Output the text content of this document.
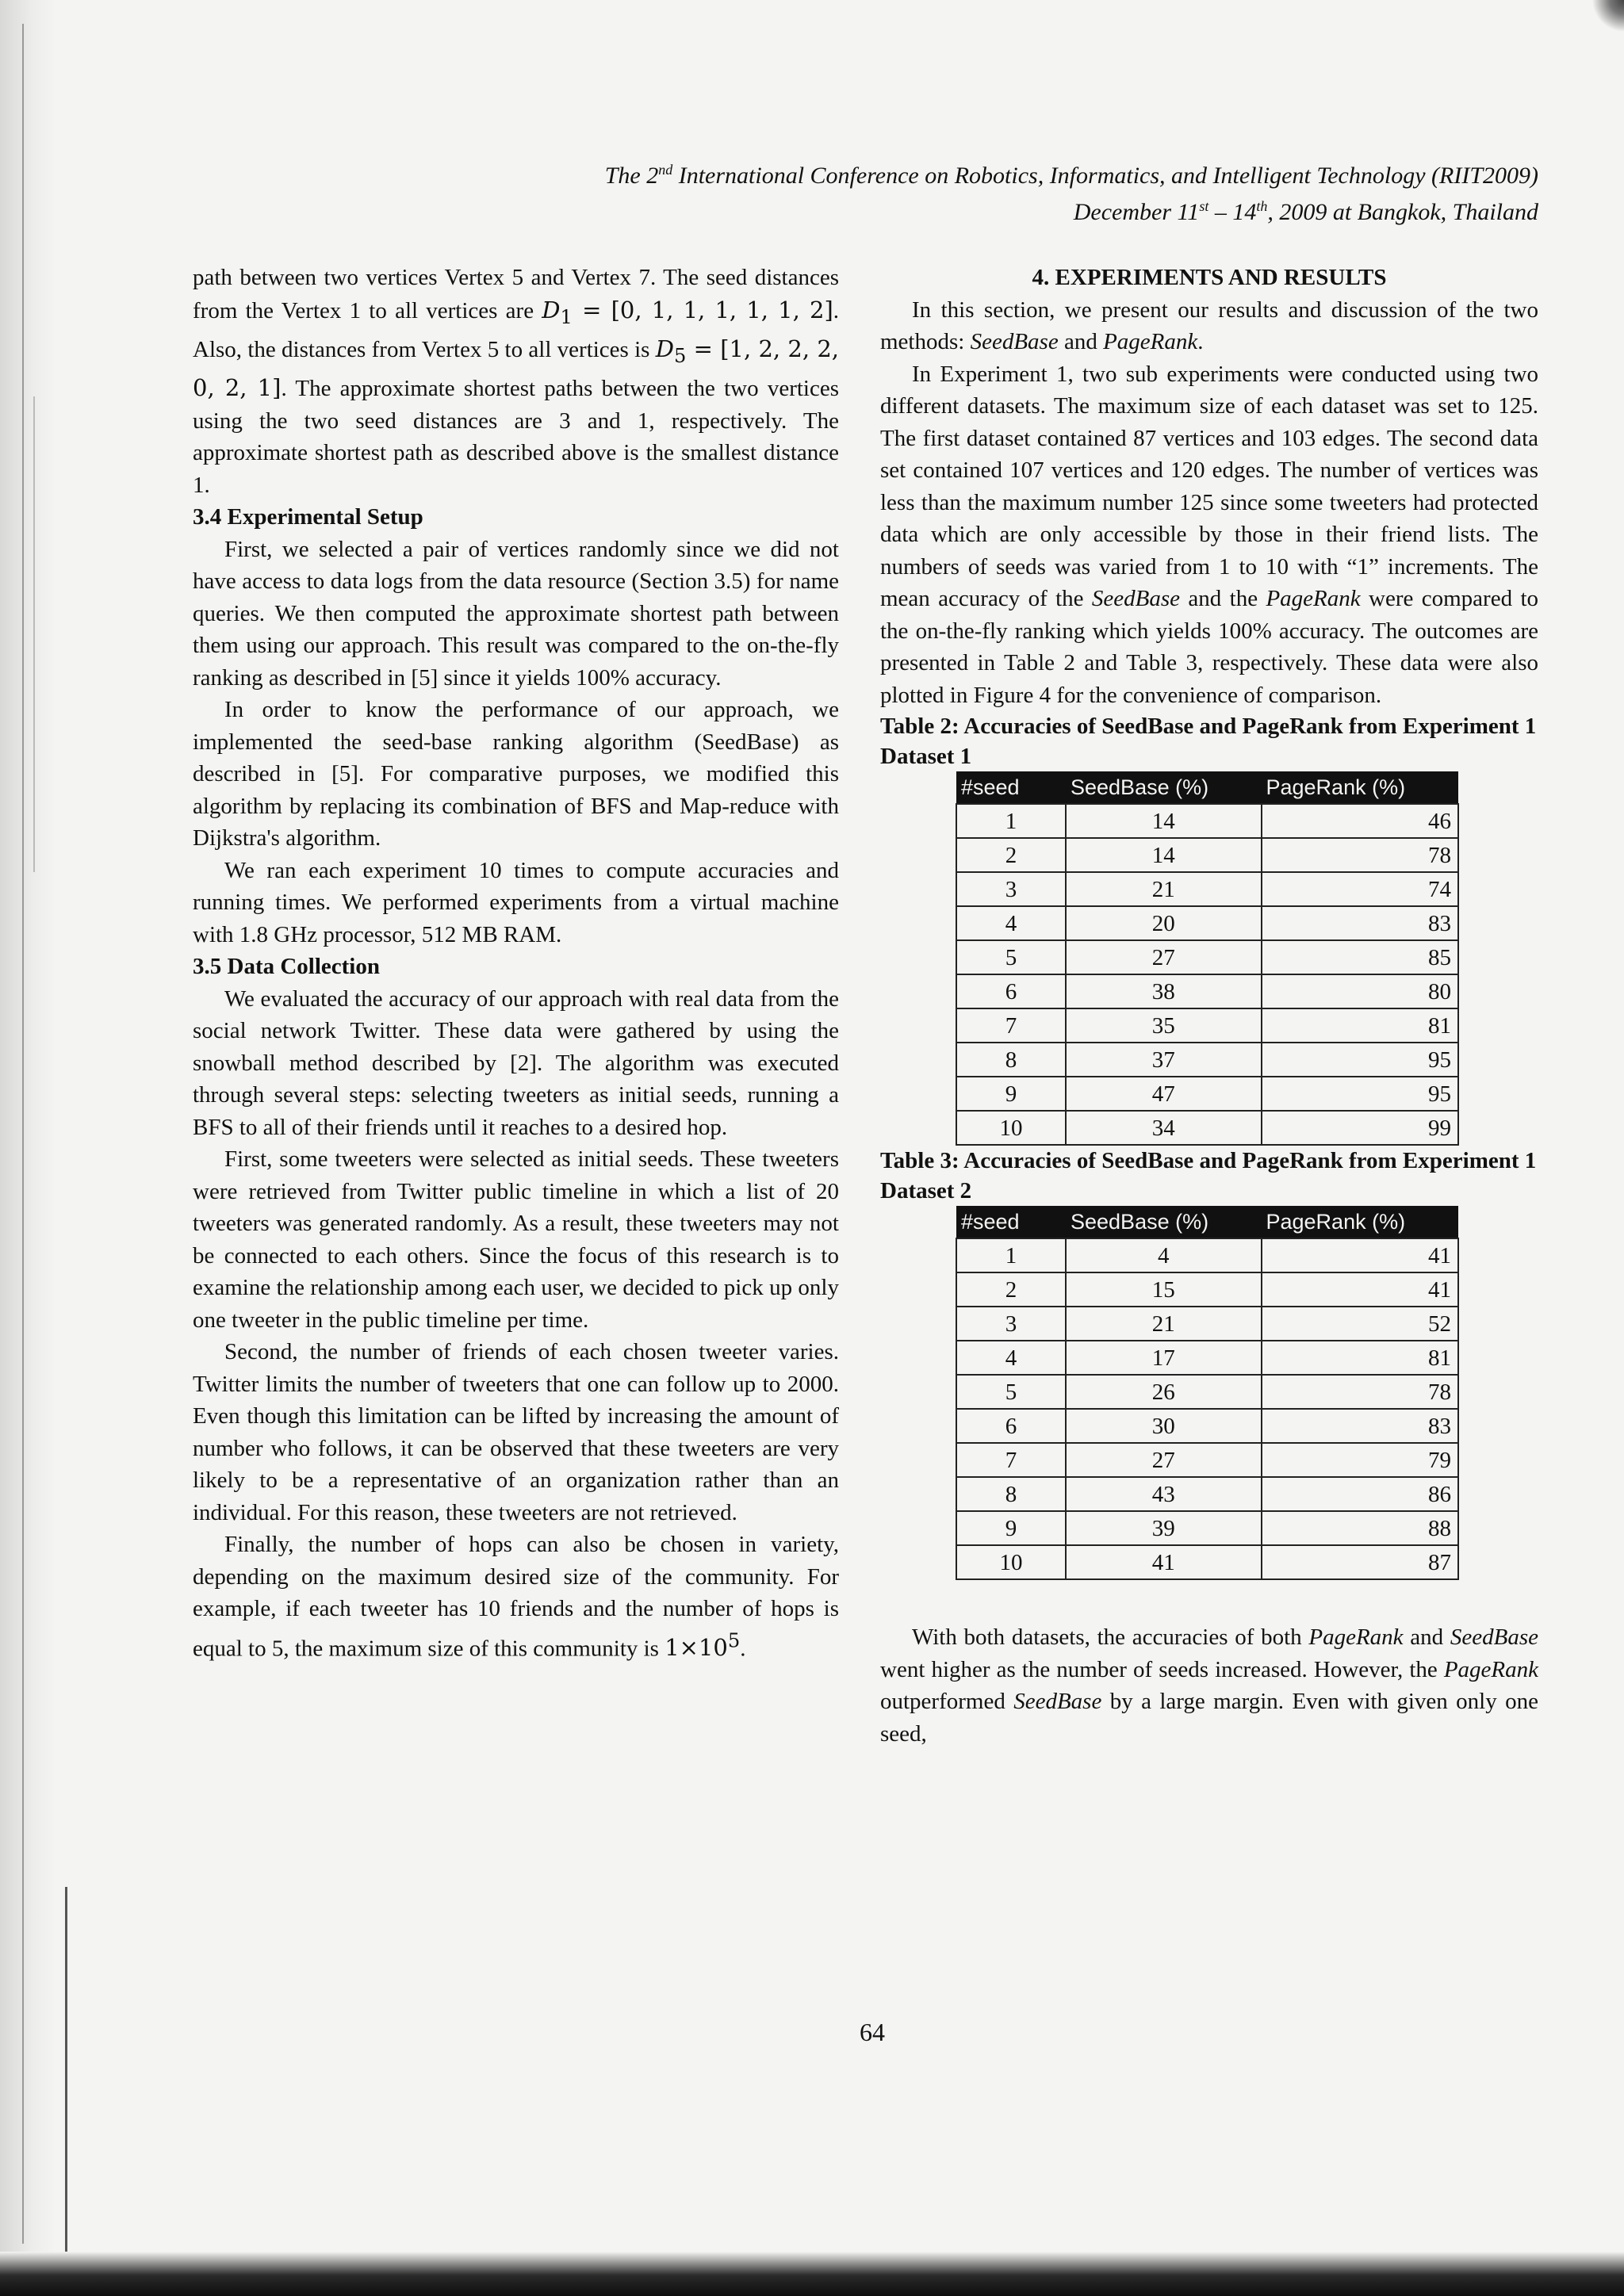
The 2nd International Conference on Robotics, Informatics, and Intelligent Technology (RIIT2009)
December 11st – 14th, 2009 at Bangkok, Thailand

path between two vertices Vertex 5 and Vertex 7. The seed distances from the Vertex 1 to all vertices are $D_1 = [0$, 1, 1, 1, 1, 1, 2]. Also, the distances from Vertex 5 to all vertices is $D_5 = [1$, 2, 2, 2, 0, 2, 1]. The approximate shortest paths between the two vertices using the two seed distances are 3 and 1, respectively. The approximate shortest path as described above is the smallest distance 1.

3.4 Experimental Setup

First, we selected a pair of vertices randomly since we did not have access to data logs from the data resource (Section 3.5) for name queries. We then computed the approximate shortest path between them using our approach. This result was compared to the on-the-fly ranking as described in [5] since it yields 100% accuracy.

In order to know the performance of our approach, we implemented the seed-base ranking algorithm (SeedBase) as described in [5]. For comparative purposes, we modified this algorithm by replacing its combination of BFS and Map-reduce with Dijkstra's algorithm.

We ran each experiment 10 times to compute accuracies and running times. We performed experiments from a virtual machine with 1.8 GHz processor, 512 MB RAM.

3.5 Data Collection

We evaluated the accuracy of our approach with real data from the social network Twitter. These data were gathered by using the snowball method described by [2]. The algorithm was executed through several steps: selecting tweeters as initial seeds, running a BFS to all of their friends until it reaches to a desired hop.

First, some tweeters were selected as initial seeds. These tweeters were retrieved from Twitter public timeline in which a list of 20 tweeters was generated randomly. As a result, these tweeters may not be connected to each others. Since the focus of this research is to examine the relationship among each user, we decided to pick up only one tweeter in the public timeline per time.

Second, the number of friends of each chosen tweeter varies. Twitter limits the number of tweeters that one can follow up to 2000. Even though this limitation can be lifted by increasing the amount of number who follows, it can be observed that these tweeters are very likely to be a representative of an organization rather than an individual. For this reason, these tweeters are not retrieved.

Finally, the number of hops can also be chosen in variety, depending on the maximum desired size of the community. For example, if each tweeter has 10 friends and the number of hops is equal to 5, the maximum size of this community is $1\times 10^5$.

4. EXPERIMENTS AND RESULTS

In this section, we present our results and discussion of the two methods: SeedBase and PageRank.

In Experiment 1, two sub experiments were conducted using two different datasets. The maximum size of each dataset was set to 125. The first dataset contained 87 vertices and 103 edges. The second data set contained 107 vertices and 120 edges. The number of vertices was less than the maximum number 125 since some tweeters had protected data which are only accessible by those in their friend lists. The numbers of seeds was varied from 1 to 10 with “1” increments. The mean accuracy of the SeedBase and the PageRank were compared to the on-the-fly ranking which yields 100% accuracy. The outcomes are presented in Table 2 and Table 3, respectively. These data were also plotted in Figure 4 for the convenience of comparison.

Table 2: Accuracies of SeedBase and PageRank from Experiment 1 Dataset 1

#seed	SeedBase (%)	PageRank (%)
1	14	46
2	14	78
3	21	74
4	20	83
5	27	85
6	38	80
7	35	81
8	37	95
9	47	95
10	34	99

Table 3: Accuracies of SeedBase and PageRank from Experiment 1 Dataset 2

#seed	SeedBase (%)	PageRank (%)
1	4	41
2	15	41
3	21	52
4	17	81
5	26	78
6	30	83
7	27	79
8	43	86
9	39	88
10	41	87

With both datasets, the accuracies of both PageRank and SeedBase went higher as the number of seeds increased. However, the PageRank outperformed SeedBase by a large margin. Even with given only one seed,

64
